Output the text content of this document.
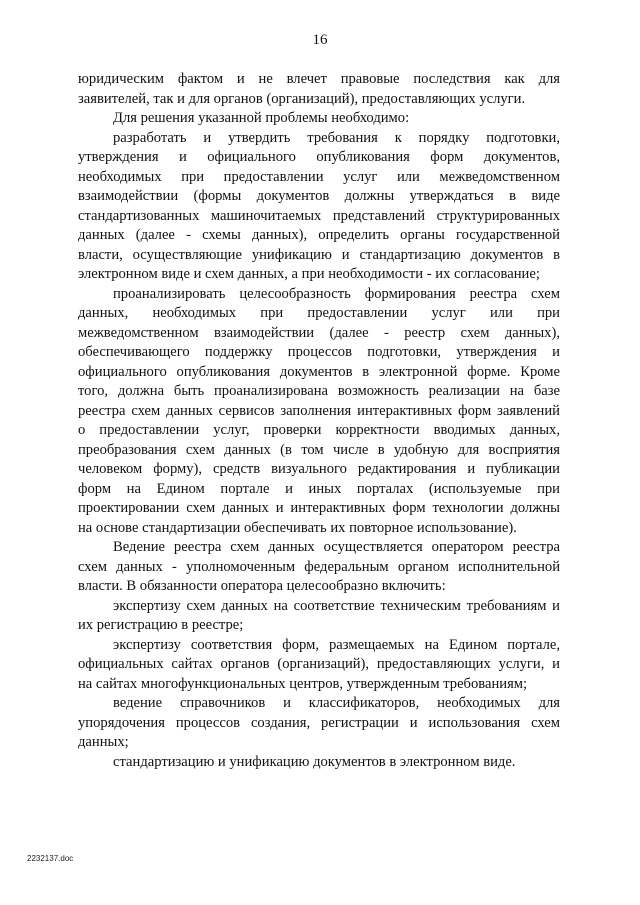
16
юридическим фактом и не влечет правовые последствия как для
заявителей, так и для органов (организаций), предоставляющих услуги.
Для решения указанной проблемы необходимо:
разработать и утвердить требования к порядку подготовки,
утверждения и официального опубликования форм документов,
необходимых при предоставлении услуг или межведомственном
взаимодействии (формы документов должны утверждаться в виде
стандартизованных машиночитаемых представлений структурированных
данных (далее - схемы данных), определить органы государственной
власти, осуществляющие унификацию и стандартизацию документов в
электронном виде и схем данных, а при необходимости - их согласование;
проанализировать целесообразность формирования реестра схем
данных, необходимых при предоставлении услуг или при
межведомственном взаимодействии (далее - реестр схем данных),
обеспечивающего поддержку процессов подготовки, утверждения и
официального опубликования документов в электронной форме. Кроме
того, должна быть проанализирована возможность реализации на базе
реестра схем данных сервисов заполнения интерактивных форм заявлений
о предоставлении услуг, проверки корректности вводимых данных,
преобразования схем данных (в том числе в удобную для восприятия
человеком форму), средств визуального редактирования и публикации
форм на Едином портале и иных порталах (используемые при
проектировании схем данных и интерактивных форм технологии должны
на основе стандартизации обеспечивать их повторное использование).
Ведение реестра схем данных осуществляется оператором реестра
схем данных - уполномоченным федеральным органом исполнительной
власти. В обязанности оператора целесообразно включить:
экспертизу схем данных на соответствие техническим требованиям и
их регистрацию в реестре;
экспертизу соответствия форм, размещаемых на Едином портале,
официальных сайтах органов (организаций), предоставляющих услуги, и
на сайтах многофункциональных центров, утвержденным требованиям;
ведение справочников и классификаторов, необходимых для
упорядочения процессов создания, регистрации и использования схем
данных;
стандартизацию и унификацию документов в электронном виде.
2232137.doc
